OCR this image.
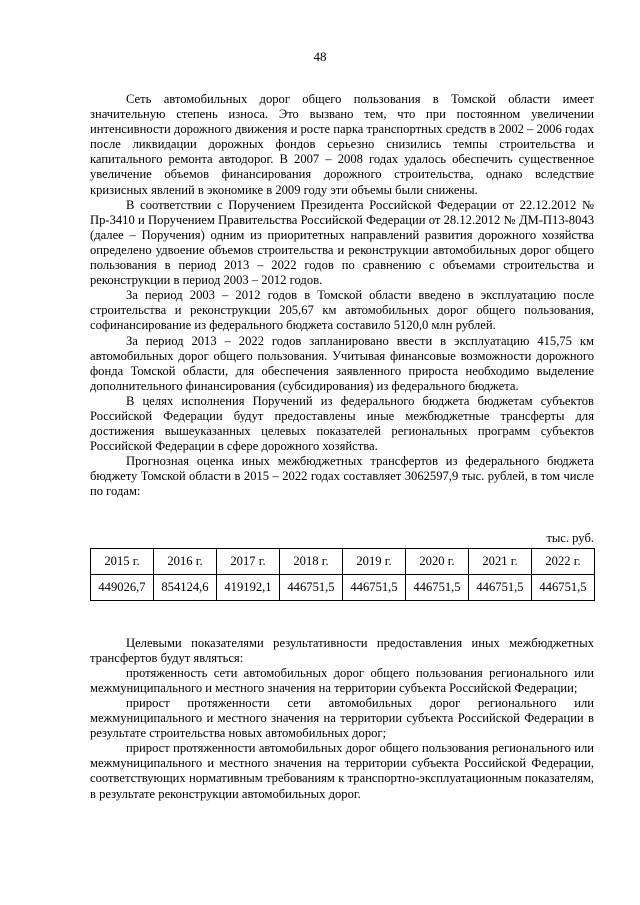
48

Сеть автомобильных дорог общего пользования в Томской области имеет значительную степень износа. Это вызвано тем, что при постоянном увеличении интенсивности дорожного движения и росте парка транспортных средств в 2002 – 2006 годах после ликвидации дорожных фондов серьезно снизились темпы строительства и капитального ремонта автодорог. В 2007 – 2008 годах удалось обеспечить существенное увеличение объемов финансирования дорожного строительства, однако вследствие кризисных явлений в экономике в 2009 году эти объемы были снижены.

В соответствии с Поручением Президента Российской Федерации от 22.12.2012 № Пр-3410 и Поручением Правительства Российской Федерации от 28.12.2012 № ДМ-П13-8043 (далее – Поручения) одним из приоритетных направлений развития дорожного хозяйства определено удвоение объемов строительства и реконструкции автомобильных дорог общего пользования в период 2013 – 2022 годов по сравнению с объемами строительства и реконструкции в период 2003 – 2012 годов.

За период 2003 – 2012 годов в Томской области введено в эксплуатацию после строительства и реконструкции 205,67 км автомобильных дорог общего пользования, софинансирование из федерального бюджета составило 5120,0 млн рублей.

За период 2013 – 2022 годов запланировано ввести в эксплуатацию 415,75 км автомобильных дорог общего пользования. Учитывая финансовые возможности дорожного фонда Томской области, для обеспечения заявленного прироста необходимо выделение дополнительного финансирования (субсидирования) из федерального бюджета.

В целях исполнения Поручений из федерального бюджета бюджетам субъектов Российской Федерации будут предоставлены иные межбюджетные трансферты для достижения вышеуказанных целевых показателей региональных программ субъектов Российской Федерации в сфере дорожного хозяйства.

Прогнозная оценка иных межбюджетных трансфертов из федерального бюджета бюджету Томской области в 2015 – 2022 годах составляет 3062597,9 тыс. рублей, в том числе по годам:

тыс. руб.
2015 г.	2016 г.	2017 г.	2018 г.	2019 г.	2020 г.	2021 г.	2022 г.
449026,7	854124,6	419192,1	446751,5	446751,5	446751,5	446751,5	446751,5

Целевыми показателями результативности предоставления иных межбюджетных трансфертов будут являться:

протяженность сети автомобильных дорог общего пользования регионального или межмуниципального и местного значения на территории субъекта Российской Федерации;

прирост протяженности сети автомобильных дорог регионального или межмуниципального и местного значения на территории субъекта Российской Федерации в результате строительства новых автомобильных дорог;

прирост протяженности автомобильных дорог общего пользования регионального или межмуниципального и местного значения на территории субъекта Российской Федерации, соответствующих нормативным требованиям к транспортно-эксплуатационным показателям, в результате реконструкции автомобильных дорог.
